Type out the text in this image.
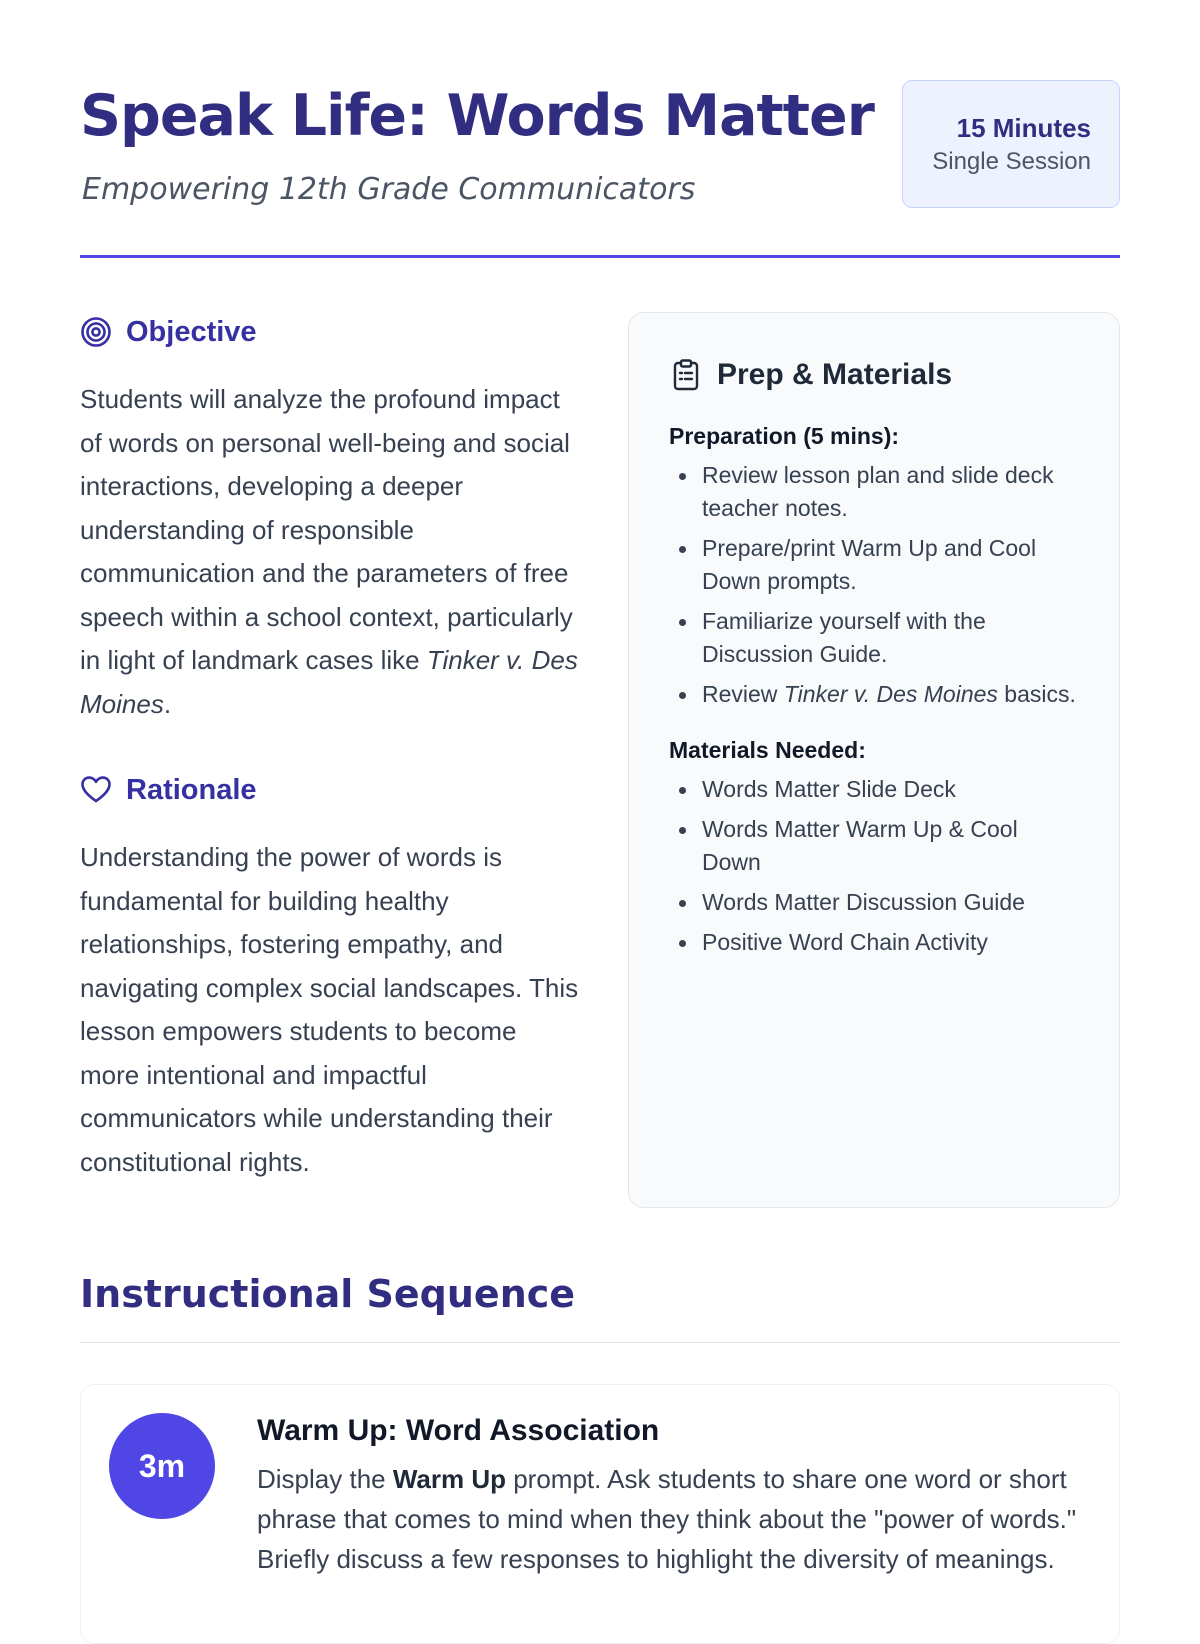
Speak Life: Words Matter

Empowering 12th Grade Communicators

15 Minutes
Single Session
Objective

Students will analyze the profound impact of words on personal well-being and social interactions, developing a deeper understanding of responsible communication and the parameters of free speech within a school context, particularly in light of landmark cases like Tinker v. Des Moines.

Rationale

Understanding the power of words is fundamental for building healthy relationships, fostering empathy, and navigating complex social landscapes. This lesson empowers students to become more intentional and impactful communicators while understanding their constitutional rights.

Prep & Materials

Preparation (5 mins):

Review lesson plan and slide deck teacher notes.
Prepare/print Warm Up and Cool Down prompts.
Familiarize yourself with the Discussion Guide.
Review Tinker v. Des Moines basics.

Materials Needed:

Words Matter Slide Deck
Words Matter Warm Up & Cool Down
Words Matter Discussion Guide
Positive Word Chain Activity
Instructional Sequence
3m

Warm Up: Word Association

Display the Warm Up prompt. Ask students to share one word or short phrase that comes to mind when they think about the "power of words." Briefly discuss a few responses to highlight the diversity of meanings.
